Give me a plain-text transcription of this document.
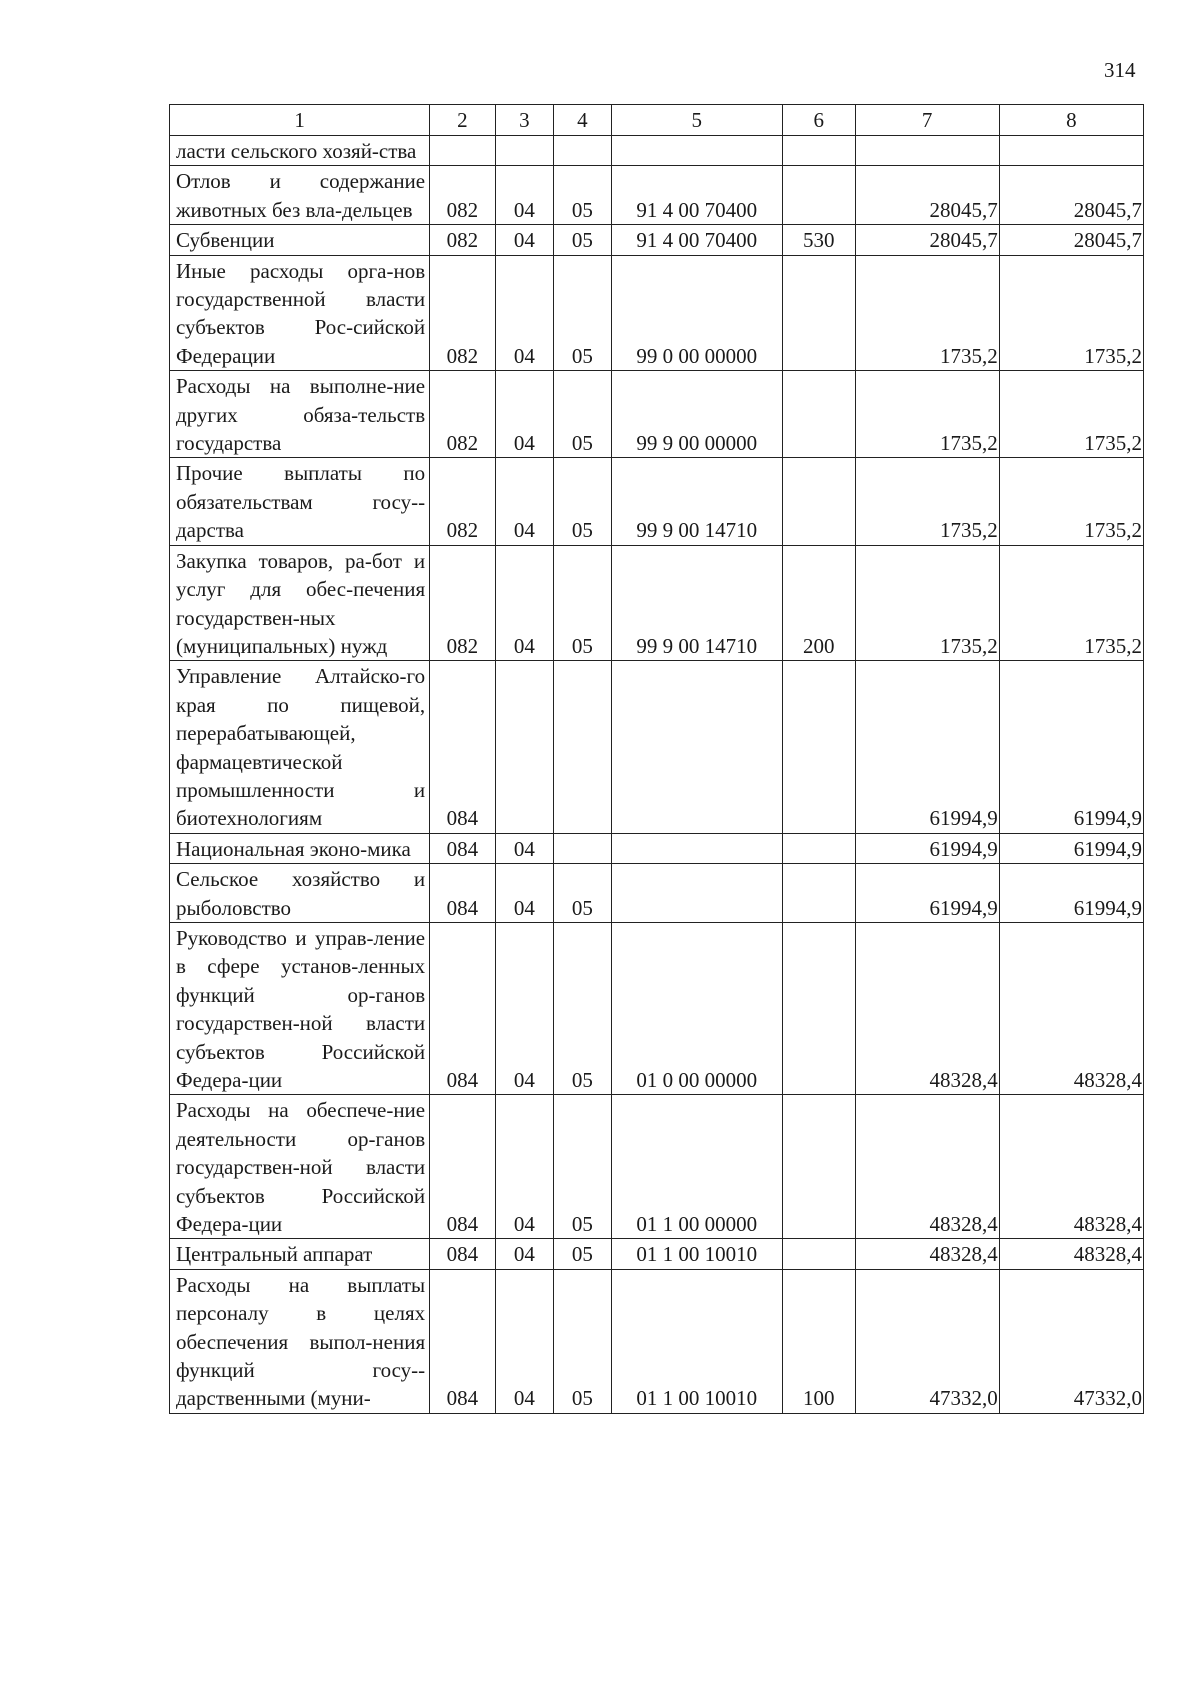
314
1	2	3	4	5	6	7	8
ласти сельского хозяй-ства							
Отлов и содержание животных без вла-дельцев	082	04	05	91 4 00 70400		28045,7	28045,7
Субвенции	082	04	05	91 4 00 70400	530	28045,7	28045,7
Иные расходы орга-нов государственной власти субъектов Рос-сийской Федерации	082	04	05	99 0 00 00000		1735,2	1735,2
Расходы на выполне-ние других обяза-тельств государства	082	04	05	99 9 00 00000		1735,2	1735,2
Прочие выплаты по обязательствам госу-дарства	082	04	05	99 9 00 14710		1735,2	1735,2
Закупка товаров, ра-бот и услуг для обес-печения государствен-ных (муниципальных) нужд	082	04	05	99 9 00 14710	200	1735,2	1735,2
Управление Алтайско-го края по пищевой, перерабатывающей, фармацевтической промышленности и биотехнологиям	084					61994,9	61994,9
Национальная эконо-мика	084	04				61994,9	61994,9
Сельское хозяйство и рыболовство	084	04	05			61994,9	61994,9
Руководство и управ-ление в сфере установ-ленных функций ор-ганов государствен-ной власти субъектов Российской Федера-ции	084	04	05	01 0 00 00000		48328,4	48328,4
Расходы на обеспече-ние деятельности ор-ганов государствен-ной власти субъектов Российской Федера-ции	084	04	05	01 1 00 00000		48328,4	48328,4
Центральный аппарат	084	04	05	01 1 00 10010		48328,4	48328,4
Расходы на выплаты персоналу в целях обеспечения выпол-нения функций госу-дарственными (муни-	084	04	05	01 1 00 10010	100	47332,0	47332,0
